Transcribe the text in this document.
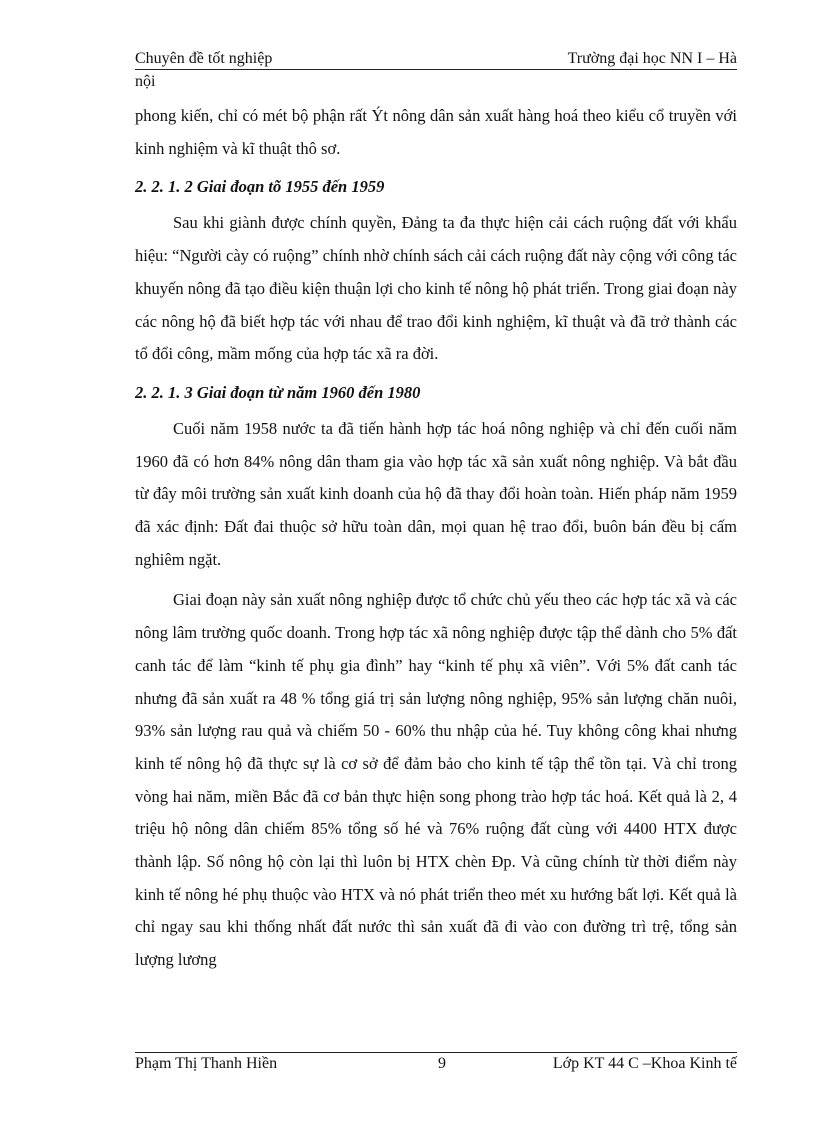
Chuyên đề tốt nghiệp	Trường đại học NN I – Hà
nội

phong kiến, chỉ có mét bộ phận rất Ýt nông dân sản xuất hàng hoá theo kiểu cổ truyền với kinh nghiệm và kĩ thuật thô sơ.

2. 2. 1. 2 Giai đoạn tõ 1955 đến 1959

Sau khi giành được chính quyền, Đảng ta đa thực hiện cải cách ruộng đất với khẩu hiệu: “Người cày có ruộng” chính nhờ chính sách cải cách ruộng đất này cộng với công tác khuyến nông đã tạo điều kiện thuận lợi cho kinh tế nông hộ phát triển. Trong giai đoạn này các nông hộ đã biết hợp tác với nhau để trao đổi kinh nghiệm, kĩ thuật và đã trở thành các tổ đổi công, mầm mống của hợp tác xã ra đời.

2. 2. 1. 3 Giai đoạn từ năm 1960 đến 1980

Cuối năm 1958 nước ta đã tiến hành hợp tác hoá nông nghiệp và chỉ đến cuối năm 1960 đã có hơn 84% nông dân tham gia vào hợp tác xã sản xuất nông nghiệp. Và bắt đầu từ đây môi trường sản xuất kinh doanh của hộ đã thay đổi hoàn toàn. Hiến pháp năm 1959 đã xác định: Đất đai thuộc sở hữu toàn dân, mọi quan hệ trao đổi, buôn bán đều bị cấm nghiêm ngặt.

Giai đoạn này sản xuất nông nghiệp được tổ chức chủ yếu theo các hợp tác xã và các nông lâm trường quốc doanh. Trong hợp tác xã nông nghiệp được tập thể dành cho 5% đất canh tác để làm “kinh tế phụ gia đình” hay “kinh tế phụ xã viên”. Với 5% đất canh tác nhưng đã sản xuất ra 48 % tổng giá trị sản lượng nông nghiệp, 95% sản lượng chăn nuôi, 93% sản lượng rau quả và chiếm 50 - 60% thu nhập của hé. Tuy không công khai nhưng kinh tế nông hộ đã thực sự là cơ sở để đảm bảo cho kinh tế tập thể tồn tại. Và chỉ trong vòng hai năm, miền Bắc đã cơ bản thực hiện song phong trào hợp tác hoá. Kết quả là 2, 4 triệu hộ nông dân chiếm 85% tổng số hé và 76% ruộng đất cùng với 4400 HTX được thành lập. Số nông hộ còn lại thì luôn bị HTX chèn Ðp. Và cũng chính từ thời điểm này kinh tế nông hé phụ thuộc vào HTX và nó phát triển theo mét xu hướng bất lợi. Kết quả là chỉ ngay sau khi thống nhất đất nước thì sản xuất đã đi vào con đường trì trệ, tổng sản lượng lương

Phạm Thị Thanh Hiền	9	Lớp KT 44 C –Khoa Kinh tế
